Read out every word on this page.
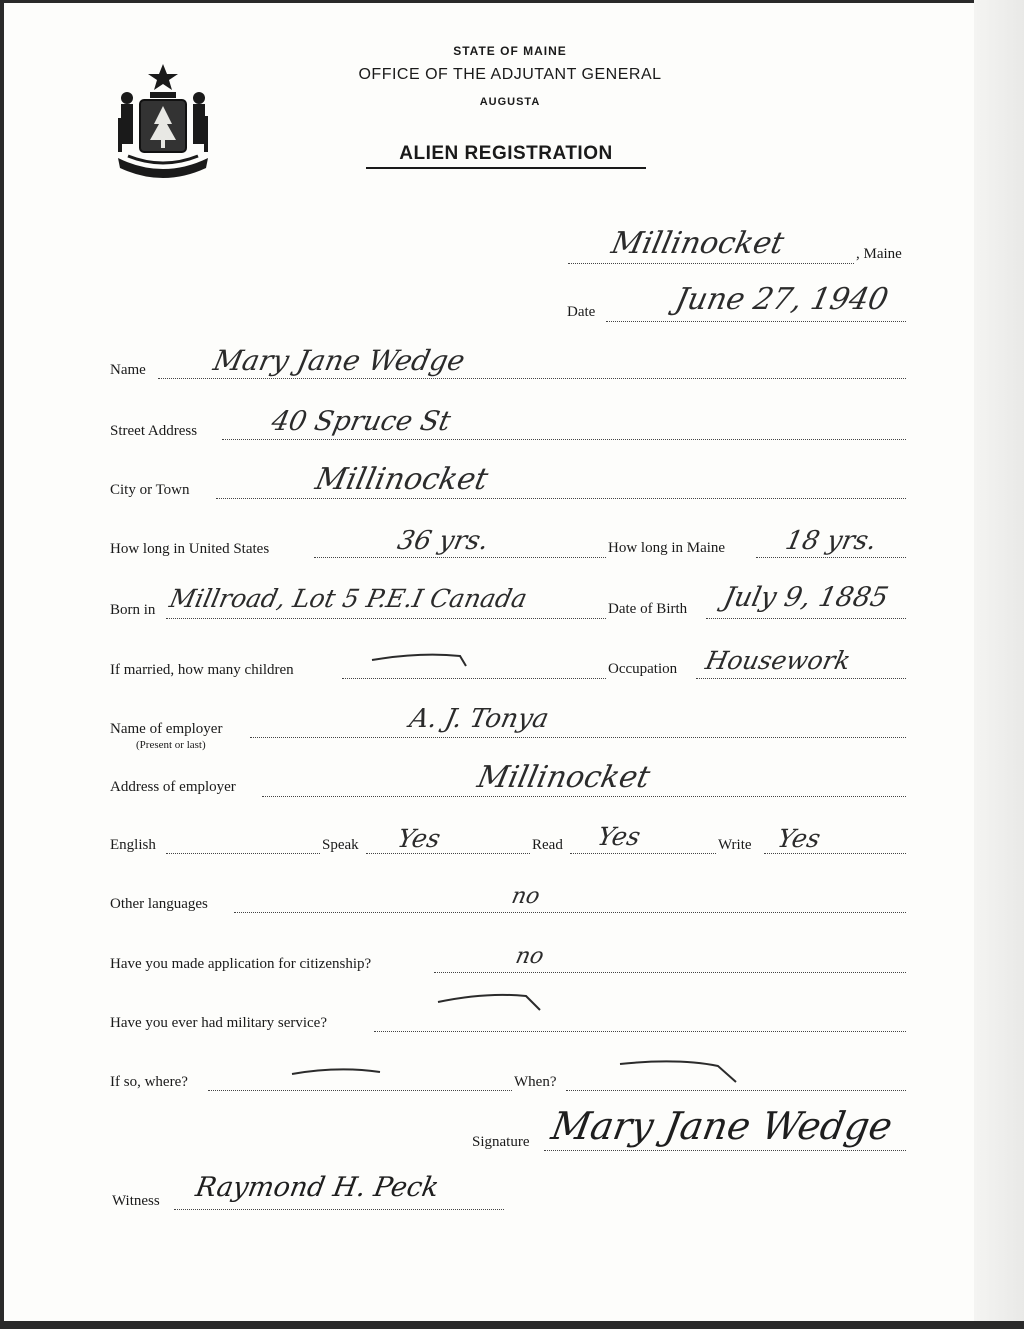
STATE OF MAINE
OFFICE OF THE ADJUTANT GENERAL
AUGUSTA
ALIEN REGISTRATION
Millinocket	, Maine
Date	June 27, 1940
Name Mary Jane Wedge
Street Address	40 Spruce St
City or Town	Millinocket
How long in United States	36 yrs.	How long in Maine 18 yrs.
Born in Millroad, Lot 5 P.E.I Canada	Date of Birth July 9, 1885
If married, how many children	Occupation Housework
Name of employer
(Present or last)
A. J. Tonya
Address of employer	Millinocket
English	Speak Yes	Read Yes	Write Yes
Other languages	no
Have you made application for citizenship?	no
Have you ever had military service?
If so, where?	When?
Signature Mary Jane Wedge
Witness Raymond H. Peck
